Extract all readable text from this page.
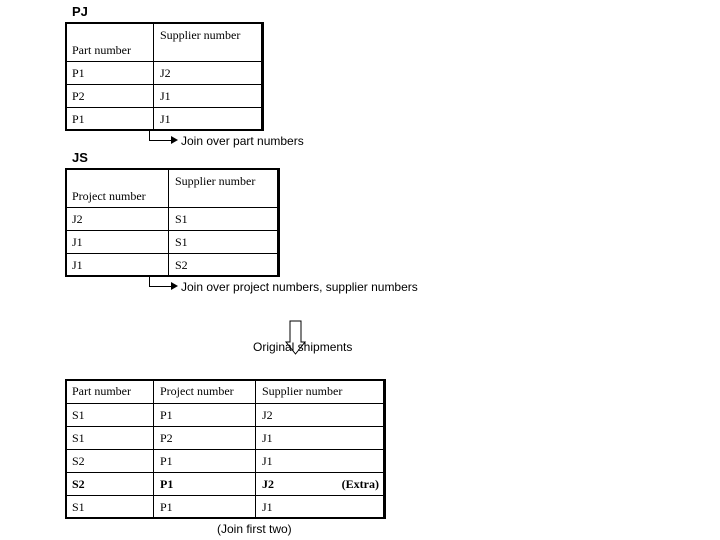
PJ
Part number	Supplier number
P1	J2
P2	J1
P1	J1
Join over part numbers
JS
Project number	Supplier number
J2	S1
J1	S1
J1	S2
Join over project numbers, supplier numbers
Original shipments
Part number	Project number	Supplier number
S1	P1	J2
S1	P2	J1
S2	P1	J1
S2	P1	J2 (Extra)

S1	P1	J1
(Join first two)
